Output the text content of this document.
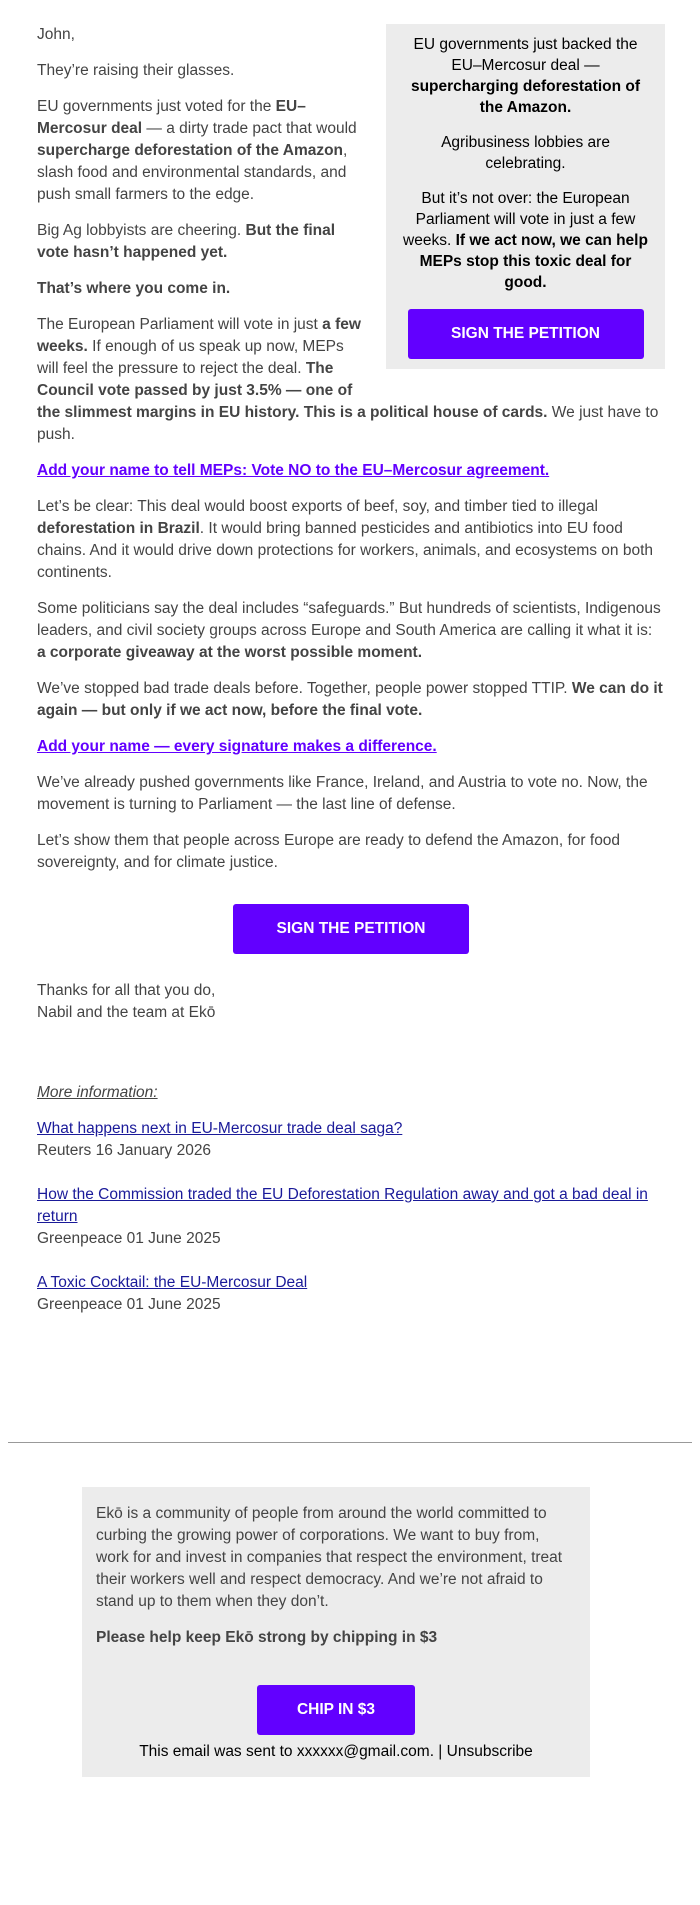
EU governments just backed the EU–Mercosur deal — supercharging deforestation of the Amazon.

Agribusiness lobbies are celebrating.

But it’s not over: the European Parliament will vote in just a few weeks. If we act now, we can help MEPs stop this toxic deal for good.

SIGN THE PETITION

John,

They’re raising their glasses.

EU governments just voted for the EU–Mercosur deal — a dirty trade pact that would supercharge deforestation of the Amazon, slash food and environmental standards, and push small farmers to the edge.

Big Ag lobbyists are cheering. But the final vote hasn’t happened yet.

That’s where you come in.

The European Parliament will vote in just a few weeks. If enough of us speak up now, MEPs will feel the pressure to reject the deal. The Council vote passed by just 3.5% — one of the slimmest margins in EU history. This is a political house of cards. We just have to push.

Add your name to tell MEPs: Vote NO to the EU–Mercosur agreement.

Let’s be clear: This deal would boost exports of beef, soy, and timber tied to illegal deforestation in Brazil. It would bring banned pesticides and antibiotics into EU food chains. And it would drive down protections for workers, animals, and ecosystems on both continents.

Some politicians say the deal includes “safeguards.” But hundreds of scientists, Indigenous leaders, and civil society groups across Europe and South America are calling it what it is: a corporate giveaway at the worst possible moment.

We’ve stopped bad trade deals before. Together, people power stopped TTIP. We can do it again — but only if we act now, before the final vote.

Add your name — every signature makes a difference.

We’ve already pushed governments like France, Ireland, and Austria to vote no. Now, the movement is turning to Parliament — the last line of defense.

Let’s show them that people across Europe are ready to defend the Amazon, for food sovereignty, and for climate justice.

SIGN THE PETITION
Thanks for all that you do,
Nabil and the team at Ekō

More information:

What happens next in EU-Mercosur trade deal saga?
Reuters 16 January 2026
How the Commission traded the EU Deforestation Regulation away and got a bad deal in return
Greenpeace 01 June 2025
A Toxic Cocktail: the EU-Mercosur Deal
Greenpeace 01 June 2025

Ekō is a community of people from around the world committed to curbing the growing power of corporations. We want to buy from, work for and invest in companies that respect the environment, treat their workers well and respect democracy. And we’re not afraid to stand up to them when they don’t.

Please help keep Ekō strong by chipping in $3

CHIP IN $3
This email was sent to xxxxxx@gmail.com. | Unsubscribe
